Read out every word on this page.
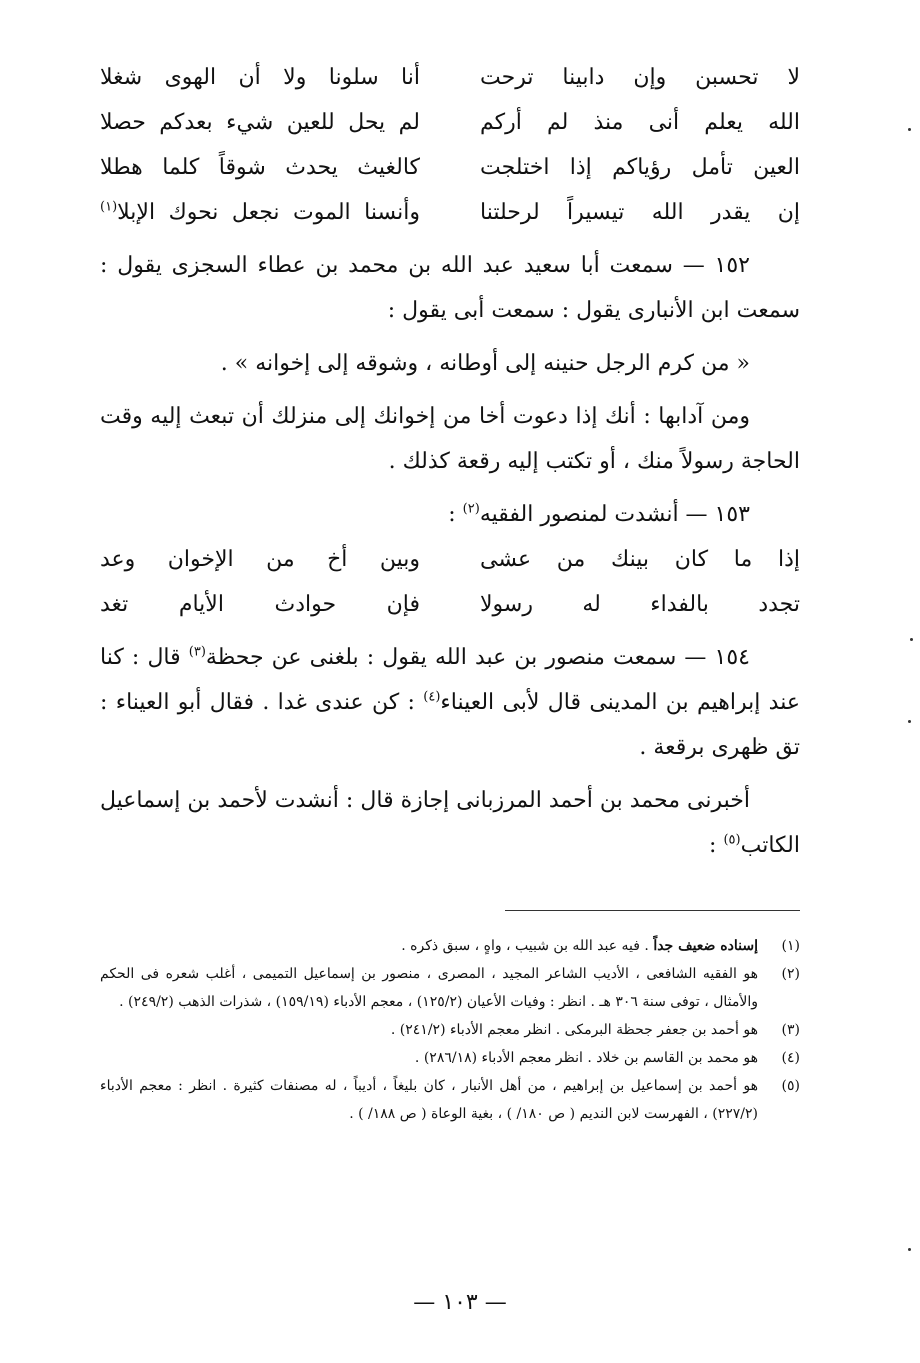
لا تحسبن وإن دابينا ترحت
أنا سلونا ولا أن الهوى شغلا
الله يعلم أنى منذ لم أركم
لم يحل للعين شيء بعدكم حصلا
العين تأمل رؤياكم إذا اختلجت
كالغيث يحدث شوقاً كلما هطلا
إن يقدر الله تيسيراً لرحلتنا
وأنسنا الموت نجعل نحوك الإبلا$^{(١)}$

١٥٢ — سمعت أبا سعيد عبد الله بن محمد بن عطاء السجزى يقول : سمعت ابن الأنبارى يقول : سمعت أبى يقول :

« من كرم الرجل حنينه إلى أوطانه ، وشوقه إلى إخوانه » .

ومن آدابها : أنك إذا دعوت أخا من إخوانك إلى منزلك أن تبعث إليه وقت الحاجة رسولاً منك ، أو تكتب إليه رقعة كذلك .

١٥٣ — أنشدت لمنصور الفقيه$^{(٢)}$ :

إذا ما كان بينك من عشى
وبين أخ من الإخوان وعد
تجدد بالفداء له رسولا
فإن حوادث الأيام تغد

١٥٤ — سمعت منصور بن عبد الله يقول : بلغنى عن جحظة$^{(٣)}$ قال : كنا عند إبراهيم بن المدينى قال لأبى العيناء$^{(٤)}$ : كن عندى غدا . فقال أبو العيناء : تق ظهرى برقعة .

أخبرنى محمد بن أحمد المرزبانى إجازة قال : أنشدت لأحمد بن إسماعيل الكاتب$^{(٥)}$ :

(١)
إسناده ضعيف جداً . فيه عبد الله بن شبيب ، واهٍ ، سبق ذكره .
(٢)
هو الفقيه الشافعى ، الأديب الشاعر المجيد ، المصرى ، منصور بن إسماعيل التميمى ، أغلب شعره فى الحكم والأمثال ، توفى سنة ٣٠٦ هـ . انظر : وفيات الأعيان (١٢٥/٢) ، معجم الأدباء (١٥٩/١٩) ، شذرات الذهب (٢٤٩/٢) .
(٣)
هو أحمد بن جعفر جحظة البرمكى . انظر معجم الأدباء (٢٤١/٢) .
(٤)
هو محمد بن القاسم بن خلاد . انظر معجم الأدباء (٢٨٦/١٨) .
(٥)
هو أحمد بن إسماعيل بن إبراهيم ، من أهل الأنبار ، كان بليغاً ، أديباً ، له مصنفات كثيرة . انظر : معجم الأدباء (٢٢٧/٢) ، الفهرست لابن النديم ( ص ١٨٠/ ) ، بغية الوعاة ( ص ١٨٨/ ) .
— ١٠٣ —
